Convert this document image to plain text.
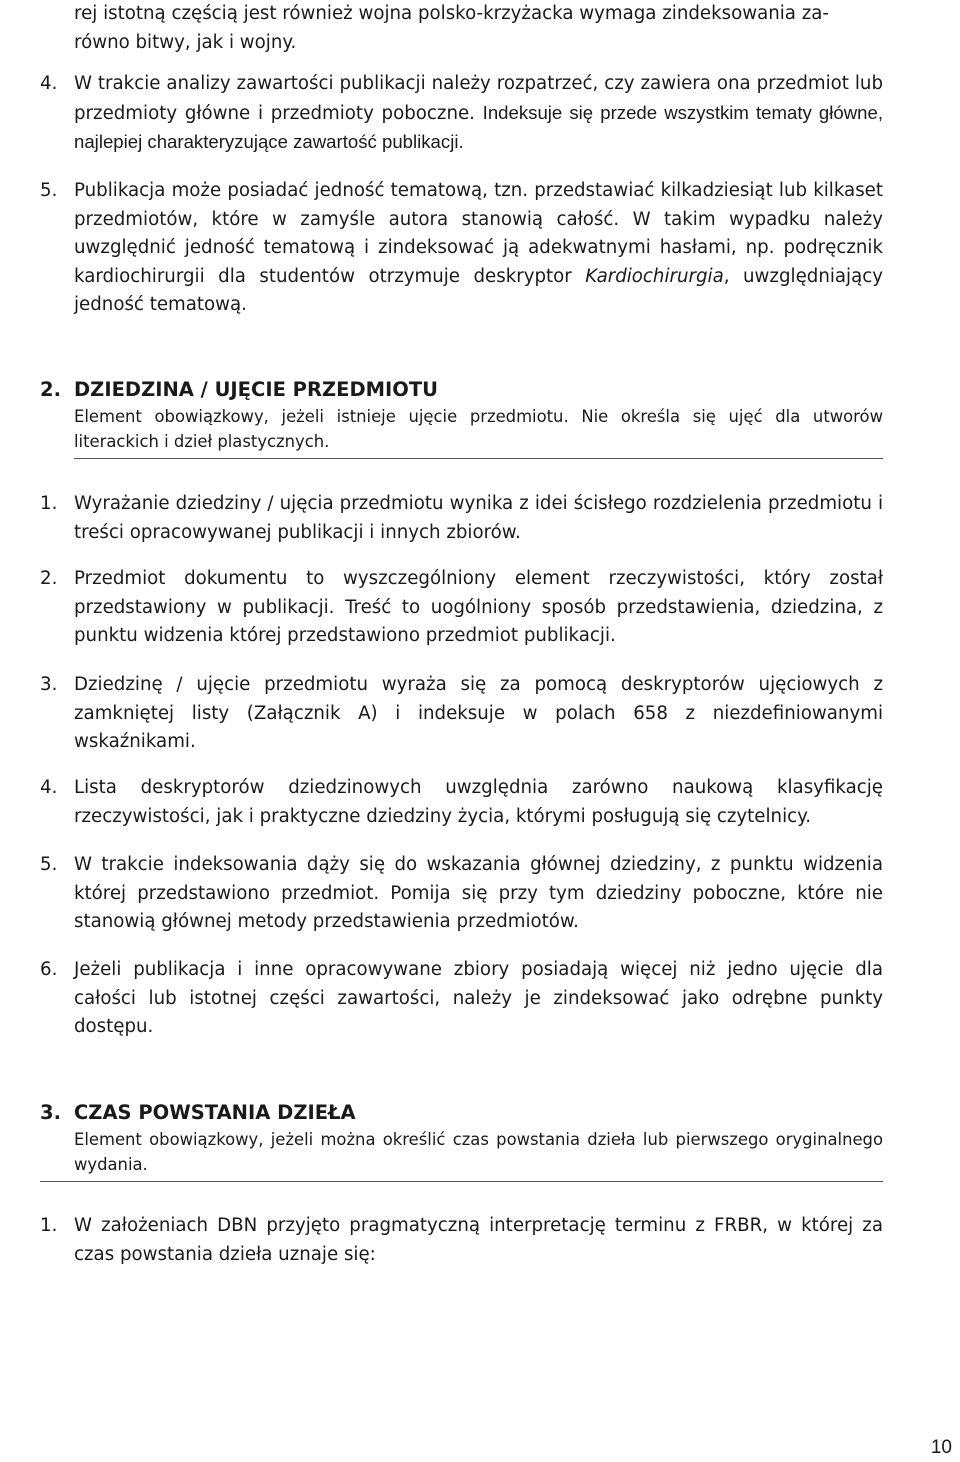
rej istotną częścią jest również wojna polsko-krzyżacka wymaga zindeksowania za-
równo bitwy, jak i wojny.
4. W trakcie analizy zawartości publikacji należy rozpatrzeć, czy zawiera ona przedmiot lub przedmioty główne i przedmioty poboczne. Indeksuje się przede wszystkim tematy główne, najlepiej charakteryzujące zawartość publikacji.
5. Publikacja może posiadać jedność tematową, tzn. przedstawiać kilkadziesiąt lub kilkaset przedmiotów, które w zamyśle autora stanowią całość. W takim wypadku należy uwzględnić jedność tematową i zindeksować ją adekwatnymi hasłami, np. podręcznik kardiochirurgii dla studentów otrzymuje deskryptor Kardiochirurgia, uwzględniający jedność tematową.
2. DZIEDZINA / UJĘCIE PRZEDMIOTU
Element obowiązkowy, jeżeli istnieje ujęcie przedmiotu. Nie określa się ujęć dla utworów literackich i dzieł plastycznych.
1. Wyrażanie dziedziny / ujęcia przedmiotu wynika z idei ścisłego rozdzielenia przedmiotu i treści opracowywanej publikacji i innych zbiorów.
2. Przedmiot dokumentu to wyszczególniony element rzeczywistości, który został przedstawiony w publikacji. Treść to uogólniony sposób przedstawienia, dziedzina, z punktu widzenia której przedstawiono przedmiot publikacji.
3. Dziedzinę / ujęcie przedmiotu wyraża się za pomocą deskryptorów ujęciowych z zamkniętej listy (Załącznik A) i indeksuje w polach 658 z niezdefiniowanymi wskaźnikami.
4. Lista deskryptorów dziedzinowych uwzględnia zarówno naukową klasyfikację rzeczywistości, jak i praktyczne dziedziny życia, którymi posługują się czytelnicy.
5. W trakcie indeksowania dąży się do wskazania głównej dziedziny, z punktu widzenia której przedstawiono przedmiot. Pomija się przy tym dziedziny poboczne, które nie stanowią głównej metody przedstawienia przedmiotów.
6. Jeżeli publikacja i inne opracowywane zbiory posiadają więcej niż jedno ujęcie dla całości lub istotnej części zawartości, należy je zindeksować jako odrębne punkty dostępu.
3. CZAS POWSTANIA DZIEŁA
Element obowiązkowy, jeżeli można określić czas powstania dzieła lub pierwszego oryginalnego wydania.
1. W założeniach DBN przyjęto pragmatyczną interpretację terminu z FRBR, w której za czas powstania dzieła uznaje się:
10
